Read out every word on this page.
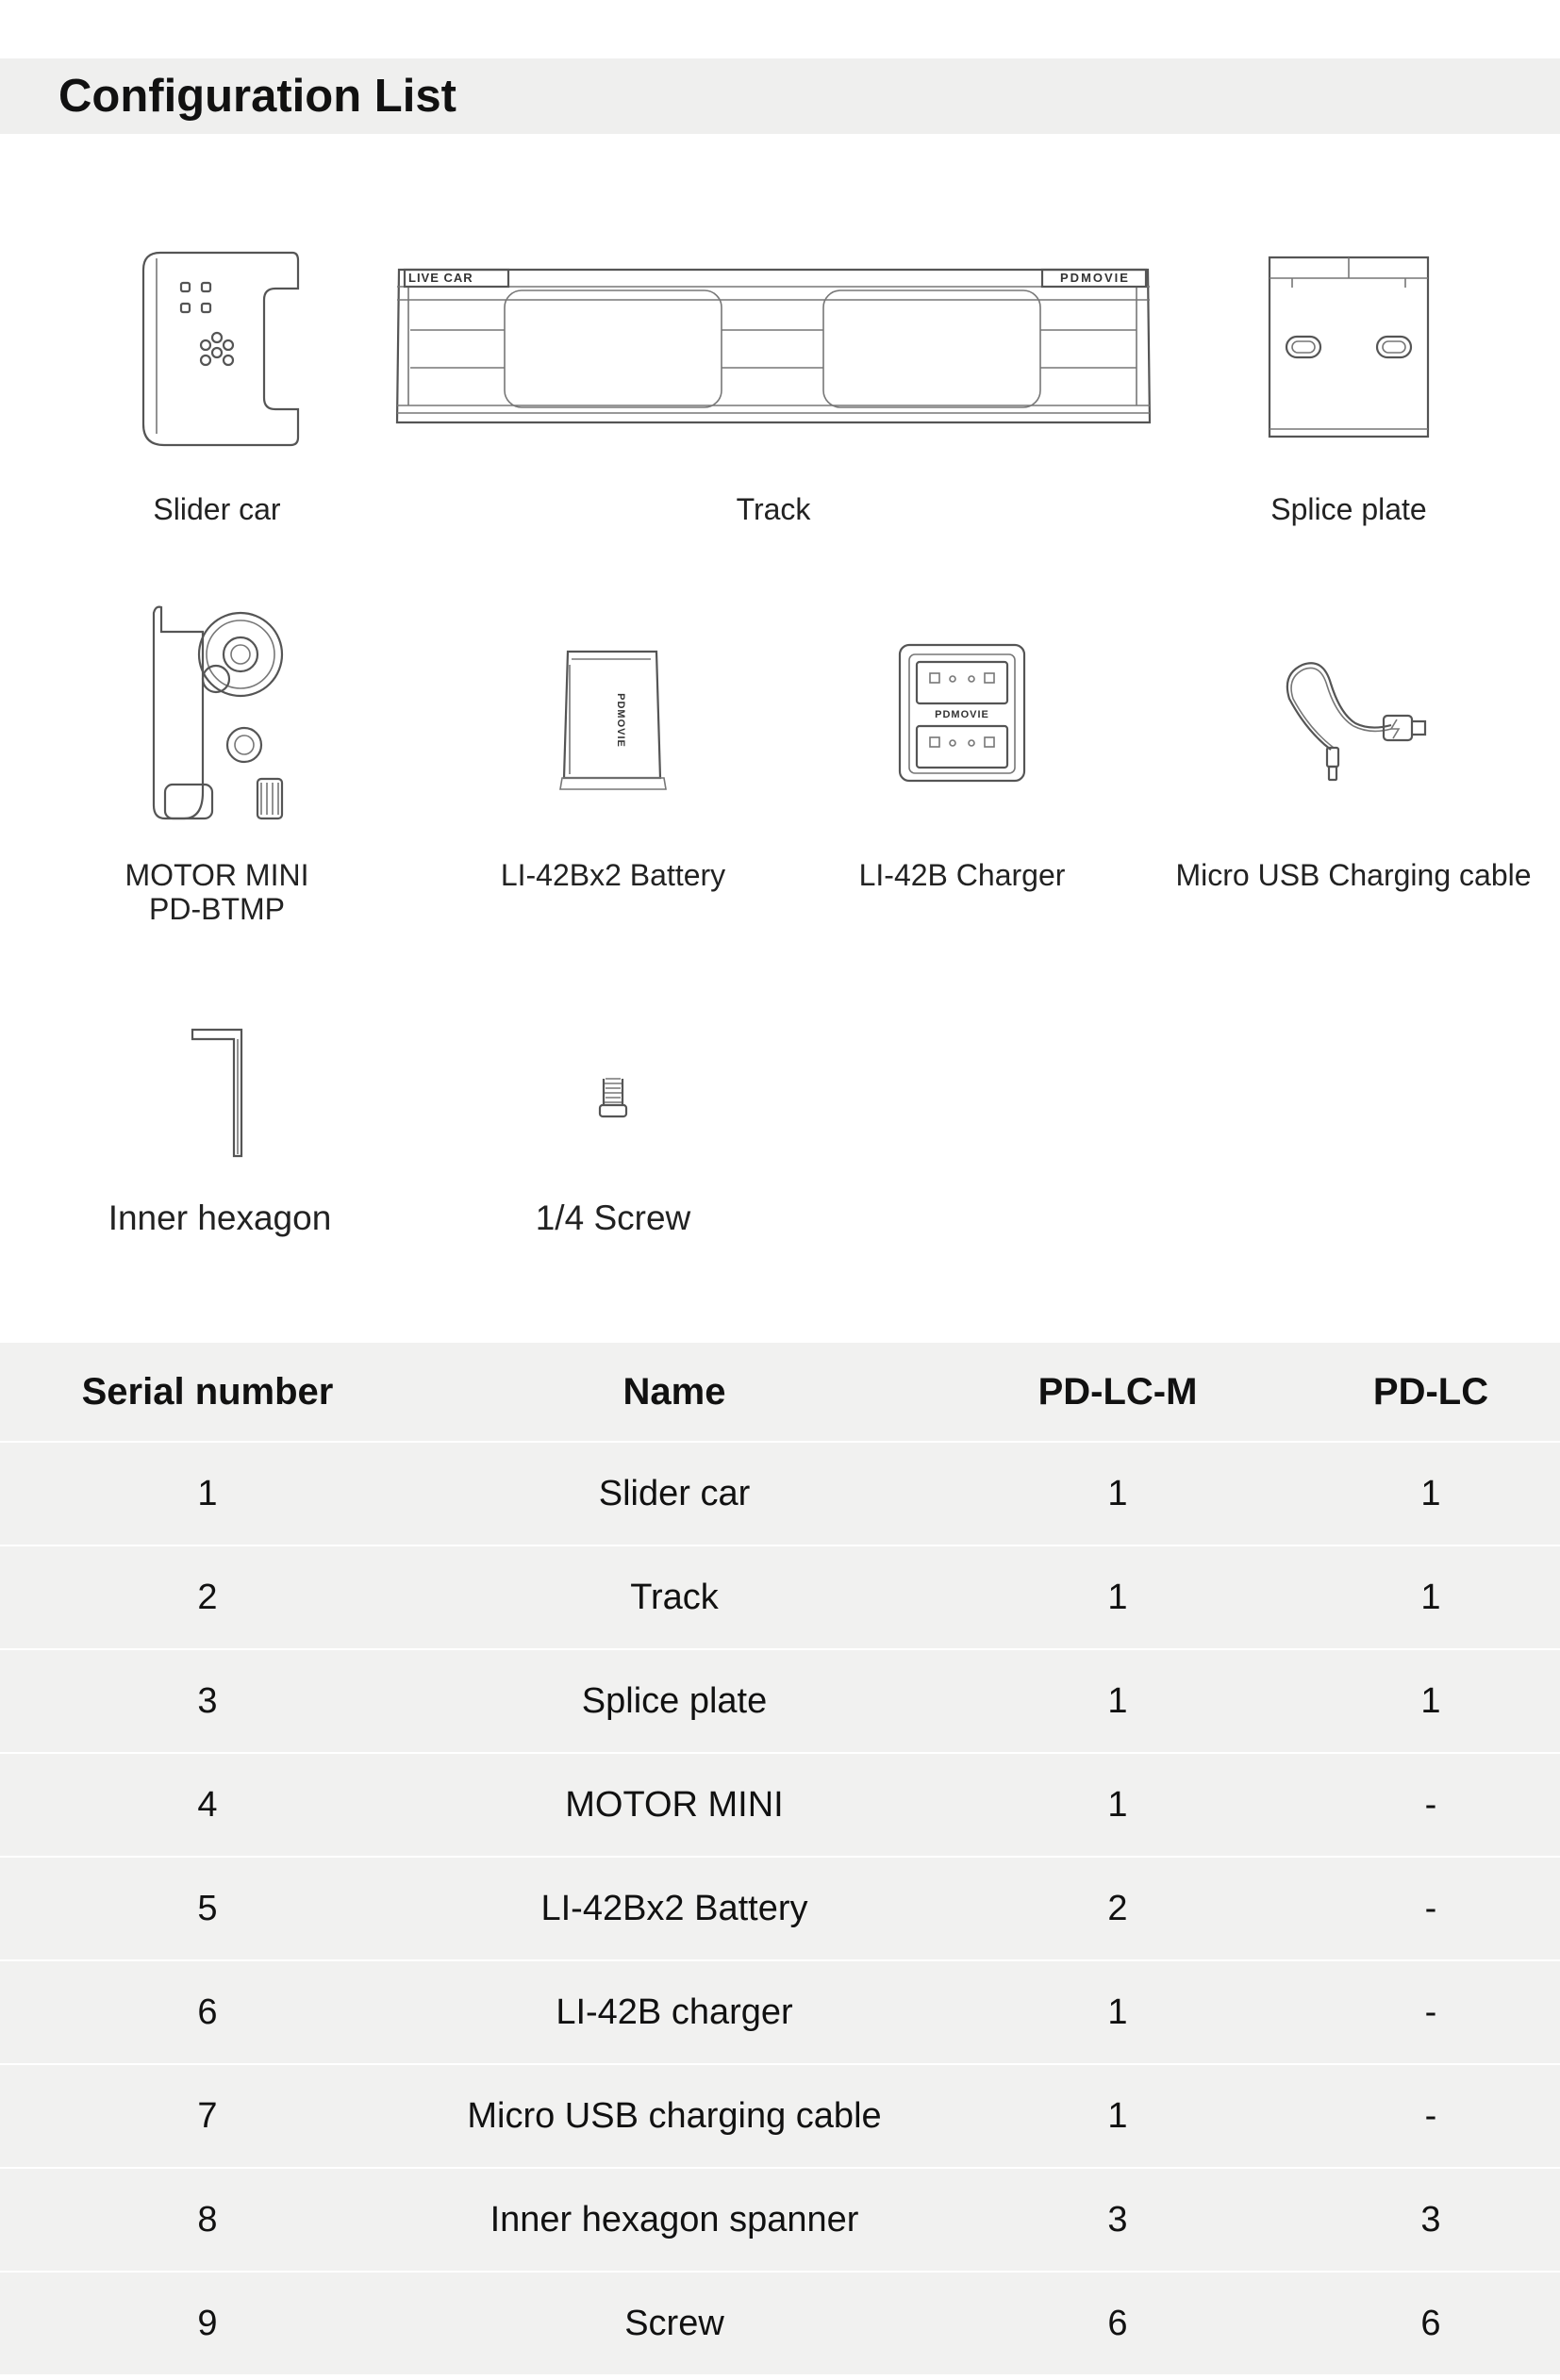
Configuration List
Slider car
LIVE CAR	PDMOVIE
Track	Splice plate
MOTOR MINI
PD-BTMP
PDMOVIE
LI-42Bx2 Battery
PDMOVIE
LI-42B Charger	Micro USB Charging cable
Inner hexagon	1/4 Screw
Serial number	Name	PD-LC-M	PD-LC
1	Slider car	1	1
2	Track	1	1
3	Splice plate	1	1
4	MOTOR MINI	1	-
5	LI-42Bx2 Battery	2	-
6	LI-42B charger	1	-
7	Micro USB charging cable	1	-
8	Inner hexagon spanner	3	3
9	Screw	6	6
